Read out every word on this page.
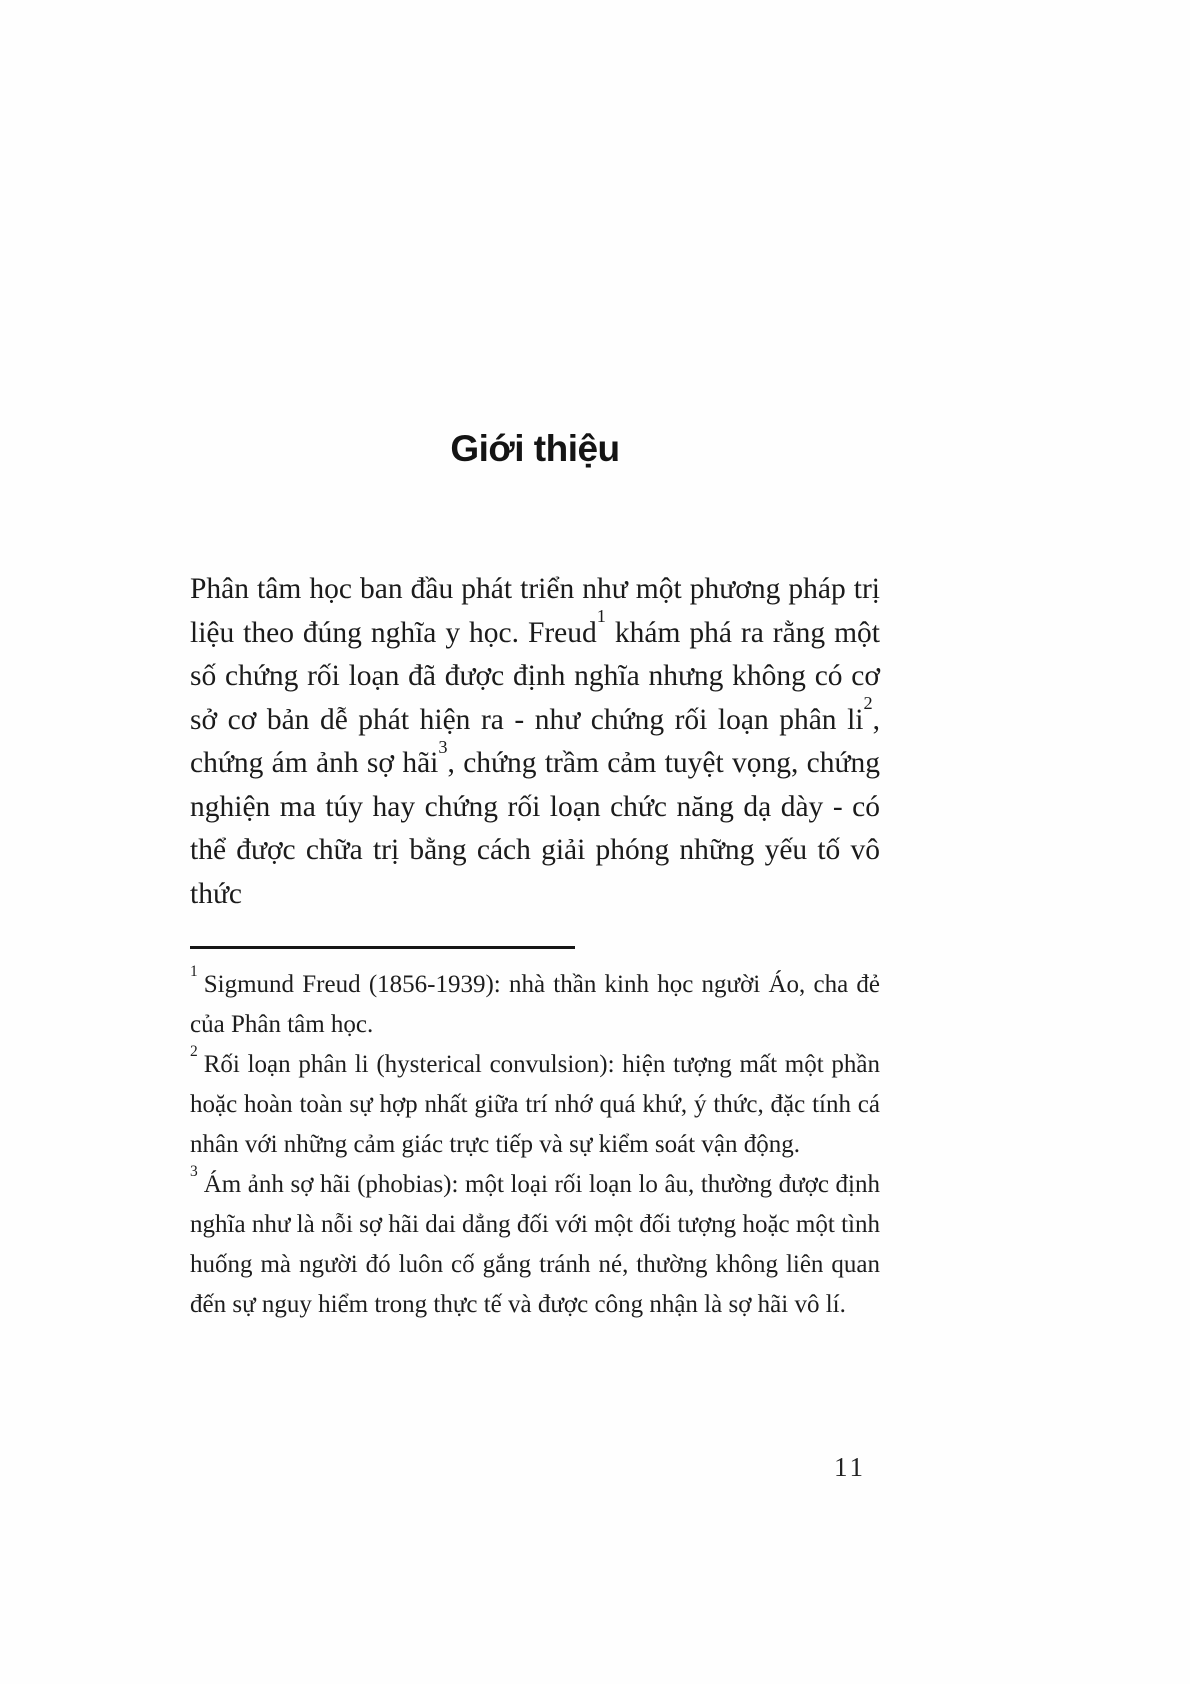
Giới thiệu

Phân tâm học ban đầu phát triển như một phương pháp trị liệu theo đúng nghĩa y học. Freud$^1$ khám phá ra rằng một số chứng rối loạn đã được định nghĩa nhưng không có cơ sở cơ bản dễ phát hiện ra - như chứng rối loạn phân $li^2$, chứng ám ảnh sợ hãi$^3$, chứng trầm cảm tuyệt vọng, chứng nghiện ma túy hay chứng rối loạn chức năng dạ dày - có thể được chữa trị bằng cách giải phóng những yếu tố vô thức

$^1$ Sigmund Freud (1856-1939): nhà thần kinh học người Áo, cha đẻ của Phân tâm học.

$^2$ Rối loạn phân li (hysterical convulsion): hiện tượng mất một phần hoặc hoàn toàn sự hợp nhất giữa trí nhớ quá khứ, ý thức, đặc tính cá nhân với những cảm giác trực tiếp và sự kiểm soát vận động.

$^3$ Ám ảnh sợ hãi (phobias): một loại rối loạn lo âu, thường được định nghĩa như là nỗi sợ hãi dai dẳng đối với một đối tượng hoặc một tình huống mà người đó luôn cố gắng tránh né, thường không liên quan đến sự nguy hiểm trong thực tế và được công nhận là sợ hãi vô lí.

11
